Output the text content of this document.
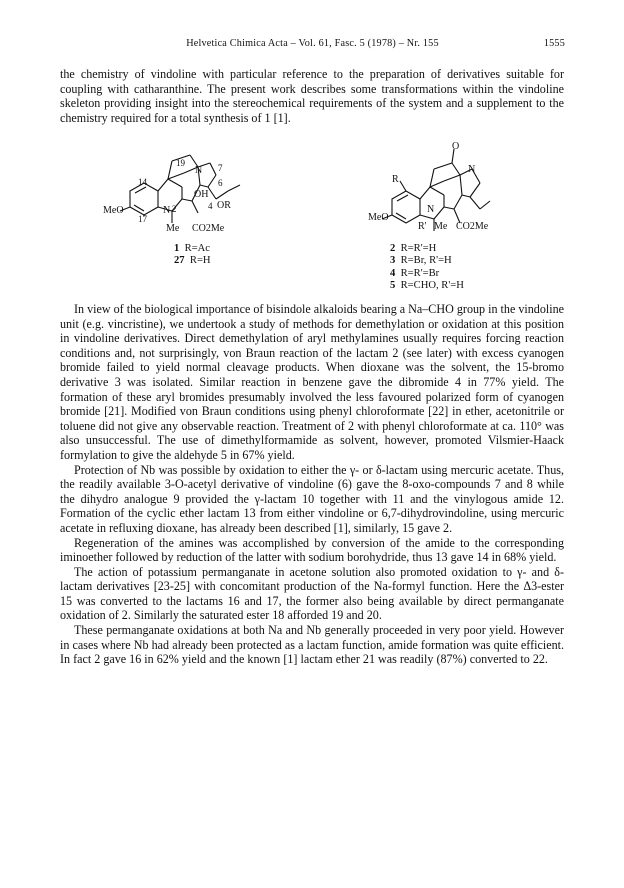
Helvetica Chimica Acta – Vol. 61, Fasc. 5 (1978) – Nr. 155	1555

the chemistry of vindoline with particular reference to the preparation of derivatives suitable for coupling with catharanthine. The present work describes some transformations within the vindoline skeleton providing insight into the stereochemical requirements of the system and a supplement to the chemistry required for a total synthesis of 1 [1].

19
N 7
14	6
OH
4 OR
MeO
17
N 2
Me CO2Me
O
N
R
MeO
N
R' Me CO2Me
1 R=Ac
27 R=H
2 R=R'=H
3 R=Br, R'=H
4 R=R'=Br
5 R=CHO, R'=H

In view of the biological importance of bisindole alkaloids bearing a Na–CHO group in the vindoline unit (e.g. vincristine), we undertook a study of methods for demethylation or oxidation at this position in vindoline derivatives. Direct demethylation of aryl methylamines usually requires forcing reaction conditions and, not surprisingly, von Braun reaction of the lactam 2 (see later) with excess cyanogen bromide failed to yield normal cleavage products. When dioxane was the solvent, the 15-bromo derivative 3 was isolated. Similar reaction in benzene gave the dibromide 4 in 77% yield. The formation of these aryl bromides presumably involved the less favoured polarized form of cyanogen bromide [21]. Modified von Braun conditions using phenyl chloroformate [22] in ether, acetonitrile or toluene did not give any observable reaction. Treatment of 2 with phenyl chloroformate at ca. 110° was also unsuccessful. The use of dimethylformamide as solvent, however, promoted Vilsmier-Haack formylation to give the aldehyde 5 in 67% yield.

Protection of Nb was possible by oxidation to either the γ- or δ-lactam using mercuric acetate. Thus, the readily available 3-O-acetyl derivative of vindoline (6) gave the 8-oxo-compounds 7 and 8 while the dihydro analogue 9 provided the γ-lactam 10 together with 11 and the vinylogous amide 12. Formation of the cyclic ether lactam 13 from either vindoline or 6,7-dihydrovindoline, using mercuric acetate in refluxing dioxane, has already been described [1], similarly, 15 gave 2.

Regeneration of the amines was accomplished by conversion of the amide to the corresponding iminoether followed by reduction of the latter with sodium borohydride, thus 13 gave 14 in 68% yield.

The action of potassium permanganate in acetone solution also promoted oxidation to γ- and δ-lactam derivatives [23-25] with concomitant production of the Na-formyl function. Here the Δ3-ester 15 was converted to the lactams 16 and 17, the former also being available by direct permanganate oxidation of 2. Similarly the saturated ester 18 afforded 19 and 20.

These permanganate oxidations at both Na and Nb generally proceeded in very poor yield. However in cases where Nb had already been protected as a lactam function, amide formation was quite efficient. In fact 2 gave 16 in 62% yield and the known [1] lactam ether 21 was readily (87%) converted to 22.
